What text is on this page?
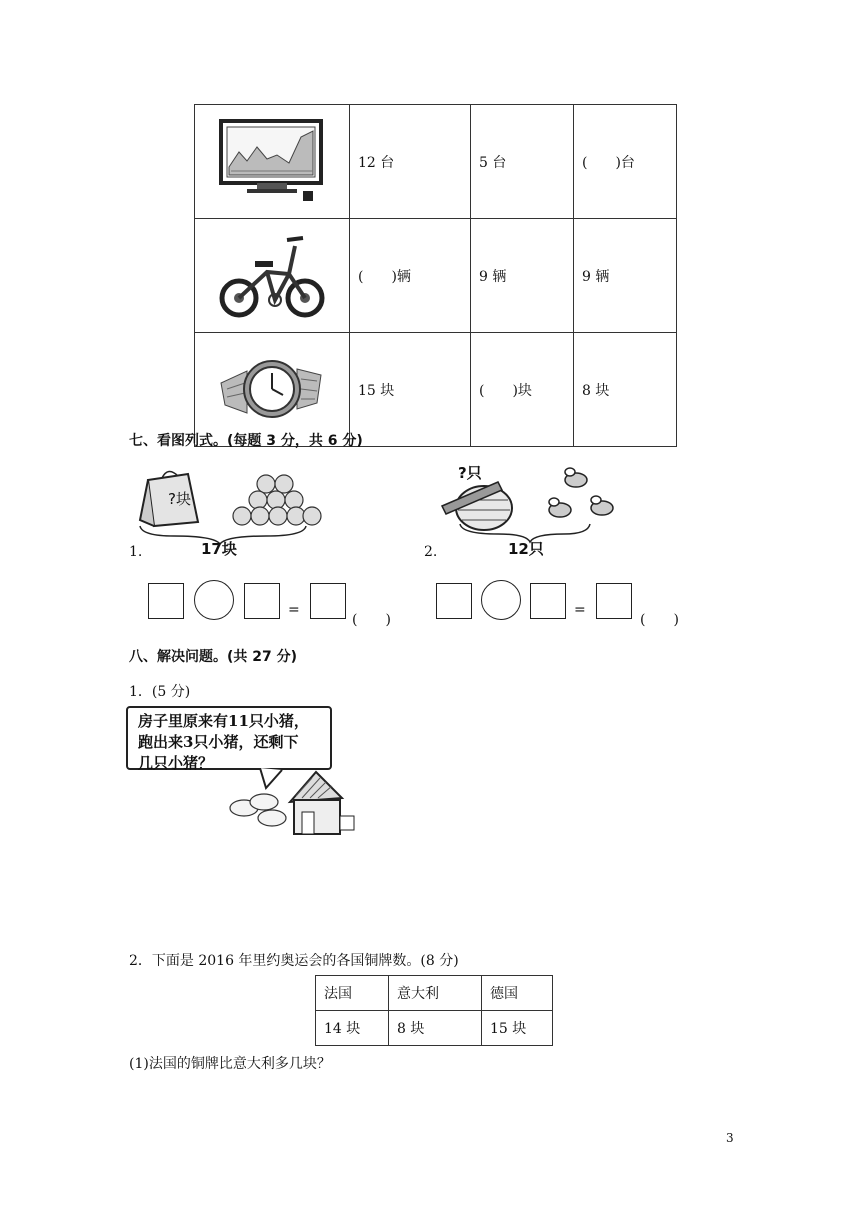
	12 台	5 台	(　　)台
	(　　)辆	9 辆	9 辆
	15 块	(　　)块	8 块
七、看图列式。(每题 3 分，共 6 分)
?块
17块
1.
?只
12只
2.
=
(　　)
=
(　　)
八、解决问题。(共 27 分)
1．(5 分)
房子里原来有11只小猪，
跑出来3只小猪，还剩下
几只小猪？
2．下面是 2016 年里约奥运会的各国铜牌数。(8 分)
法国	意大利	德国
14 块	8 块	15 块
(1)法国的铜牌比意大利多几块？
3
